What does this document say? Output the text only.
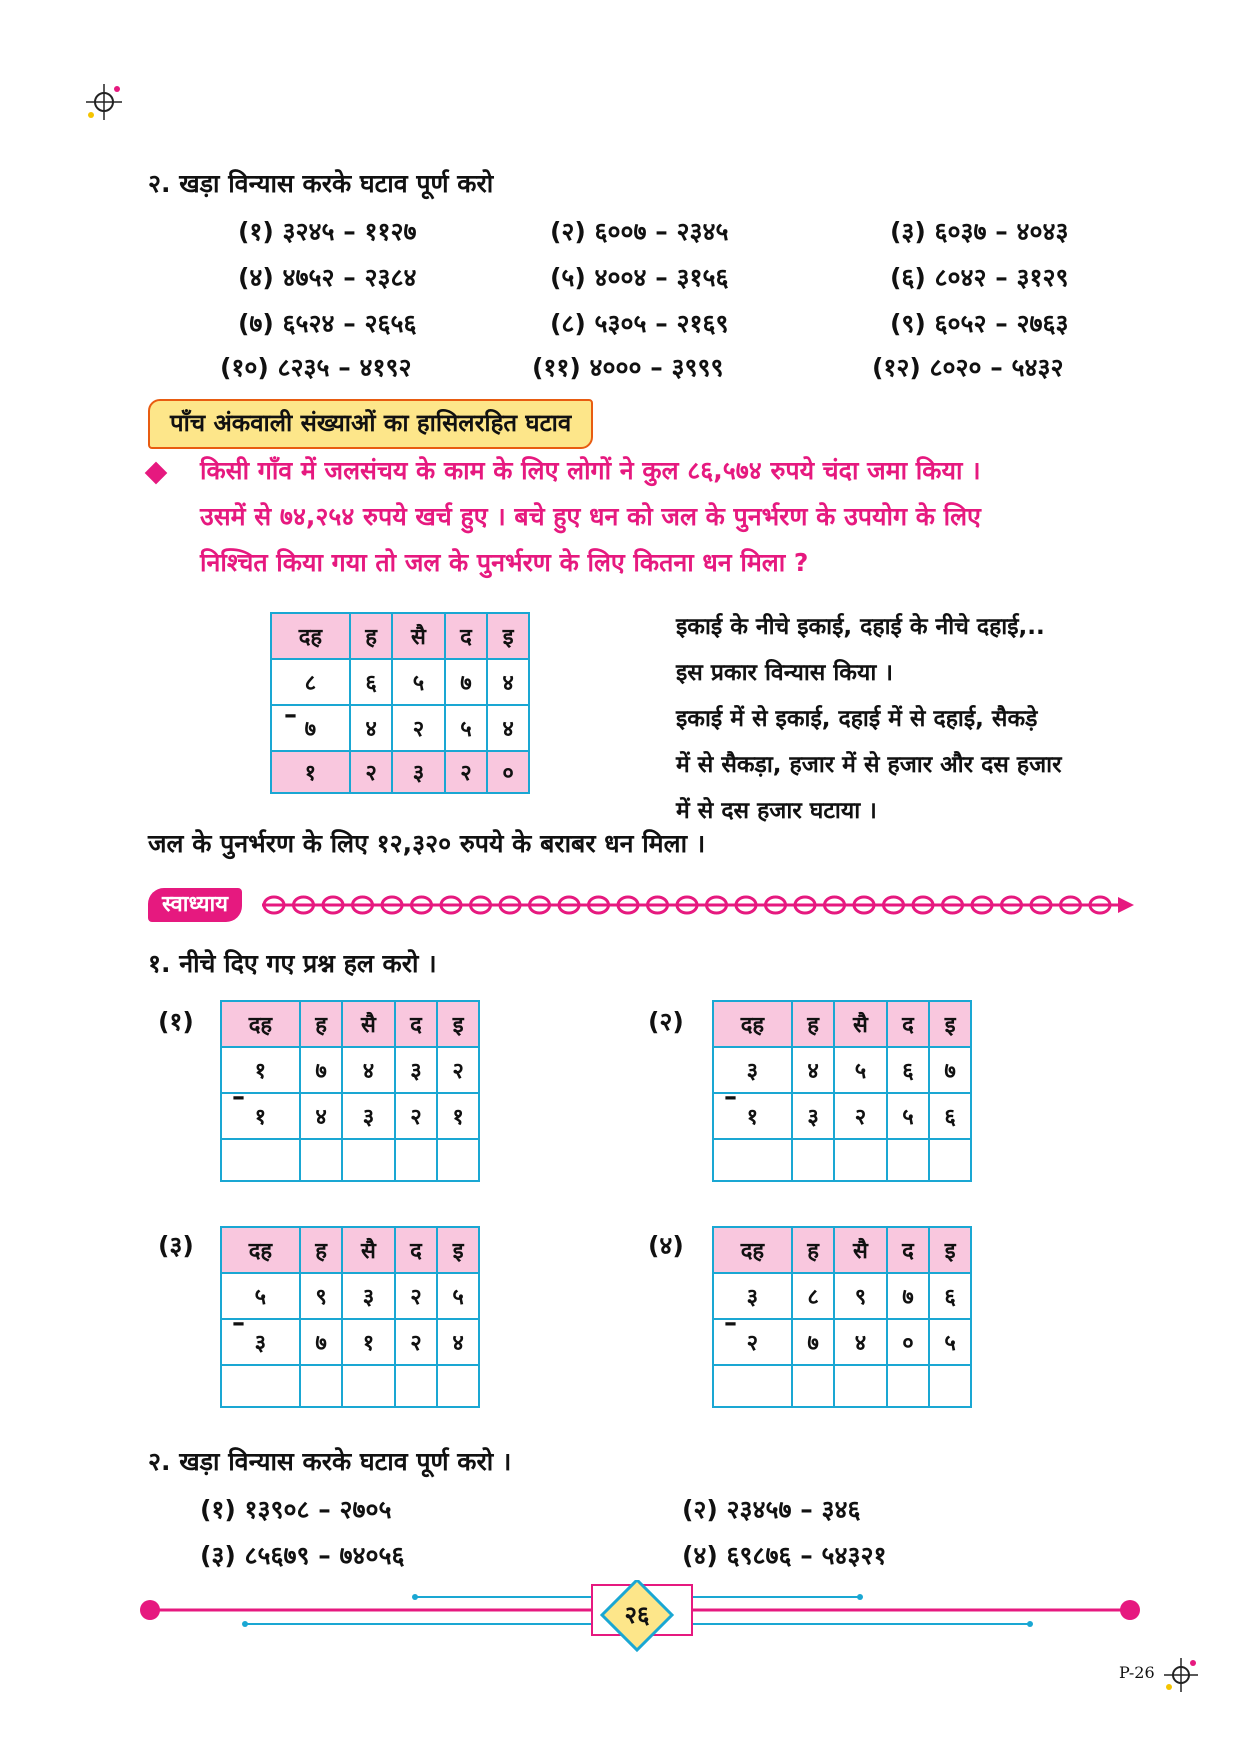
२. खड़ा विन्यास करके घटाव पूर्ण करो
(१) ३२४५ – ११२७	(२) ६००७ – २३४५	(३) ६०३७ – ४०४३
(४) ४७५२ – २३८४	(५) ४००४ – ३१५६	(६) ८०४२ – ३१२९
(७) ६५२४ – २६५६	(८) ५३०५ – २१६९	(९) ६०५२ – २७६३
(१०) ८२३५ – ४१९२	(११) ४००० – ३९९९	(१२) ८०२० – ५४३२
पाँच अंकवाली संख्याओं का हासिलरहित घटाव
किसी गाँव में जलसंचय के काम के लिए लोगों ने कुल ८६,५७४ रुपये चंदा जमा किया ।
उसमें से ७४,२५४ रुपये खर्च हुए । बचे हुए धन को जल के पुनर्भरण के उपयोग के लिए
निश्चित किया गया तो जल के पुनर्भरण के लिए कितना धन मिला ?
–
दह	ह	सै	द	इ
८	६	५	७	४
७	४	२	५	४
१	२	३	२	०
इकाई के नीचे इकाई, दहाई के नीचे दहाई,..
इस प्रकार विन्यास किया ।
इकाई में से इकाई, दहाई में से दहाई, सैकड़े
में से सैकड़ा, हजार में से हजार और दस हजार
में से दस हजार घटाया ।
जल के पुनर्भरण के लिए १२,३२० रुपये के बराबर धन मिला ।
स्वाध्याय
१. नीचे दिए गए प्रश्न हल करो ।
(१) दह	ह	सै	द	इ
१	७	४	३	२
१	४	३	२	१

–
(२)	दह	ह	सै	द	इ
३	४	५	६	७
१	३	२	५	६

–
(३) दह	ह	सै	द	इ
५	९	३	२	५
३	७	१	२	४

–
(४)	दह	ह	सै	द	इ
३	८	९	७	६
२	७	४	०	५

–
२. खड़ा विन्यास करके घटाव पूर्ण करो ।
(१) १३९०८ – २७०५	(२) २३४५७ – ३४६
(३) ८५६७९ – ७४०५६	(४) ६९८७६ – ५४३२१
२६
P-26
